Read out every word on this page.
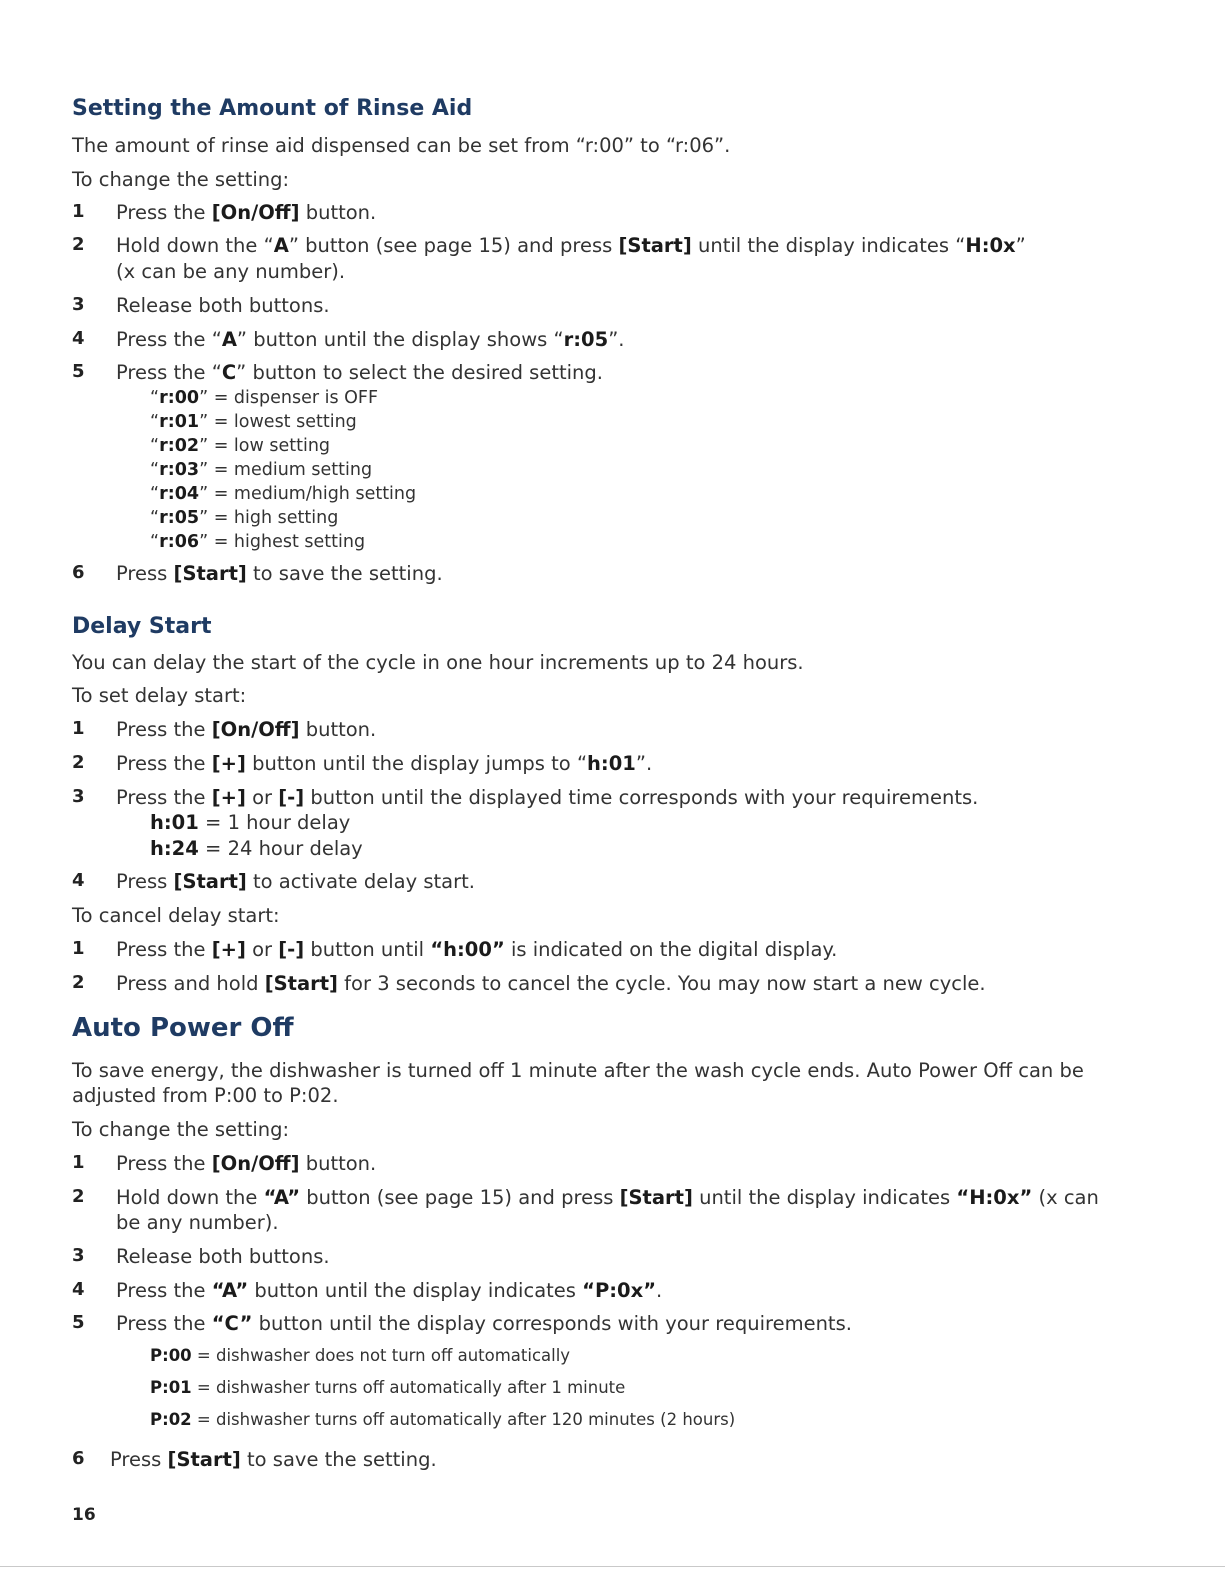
Setting the Amount of Rinse Aid
The amount of rinse aid dispensed can be set from “r:00” to “r:06”.
To change the setting:
1	Press the [On/Off] button.
2	Hold down the “A” button (see page 15) and press [Start] until the display indicates “H:0x”
(x can be any number).
3	Release both buttons.
4	Press the “A” button until the display shows “r:05”.
5	Press the “C” button to select the desired setting.
“r:00” = dispenser is OFF
“r:01” = lowest setting
“r:02” = low setting
“r:03” = medium setting
“r:04” = medium/high setting
“r:05” = high setting
“r:06” = highest setting
6	Press [Start] to save the setting.
Delay Start
You can delay the start of the cycle in one hour increments up to 24 hours.
To set delay start:
1	Press the [On/Off] button.
2	Press the [+] button until the display jumps to “h:01”.
3	Press the [+] or [-] button until the displayed time corresponds with your requirements.
h:01 = 1 hour delay
h:24 = 24 hour delay
4	Press [Start] to activate delay start.
To cancel delay start:
1	Press the [+] or [-] button until “h:00” is indicated on the digital display.
2	Press and hold [Start] for 3 seconds to cancel the cycle. You may now start a new cycle.
Auto Power Off
To save energy, the dishwasher is turned off 1 minute after the wash cycle ends. Auto Power Off can be
adjusted from P:00 to P:02.
To change the setting:
1	Press the [On/Off] button.
2	Hold down the “A” button (see page 15) and press [Start] until the display indicates “H:0x” (x can
be any number).
3	Release both buttons.
4	Press the “A” button until the display indicates “P:0x”.
5	Press the “C” button until the display corresponds with your requirements.
P:00 = dishwasher does not turn off automatically
P:01 = dishwasher turns off automatically after 1 minute
P:02 = dishwasher turns off automatically after 120 minutes (2 hours)
6	Press [Start] to save the setting.
16
